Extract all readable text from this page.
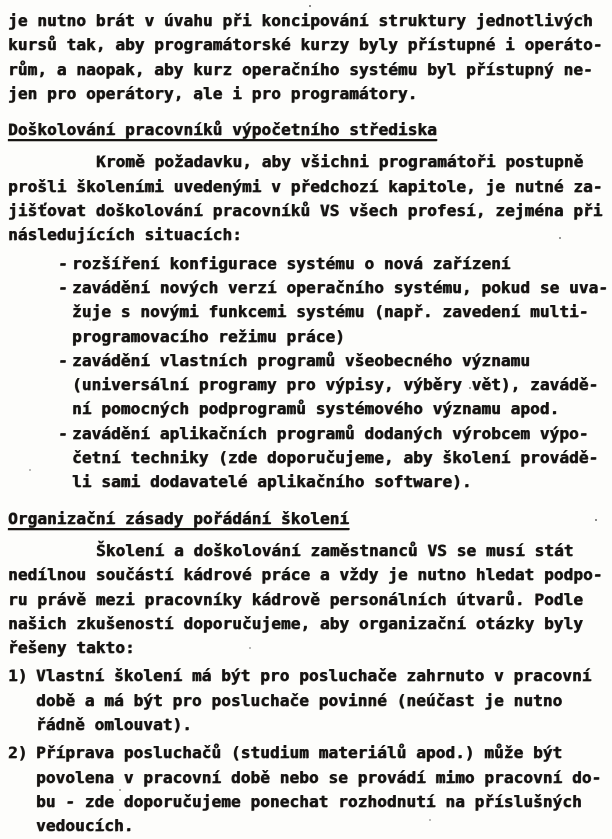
je nutno brát v úvahu při koncipování struktury jednotlivých
kursů tak, aby programátorské kurzy byly přístupné i operáto-
rům, a naopak, aby kurz operačního systému byl přístupný ne-
jen pro operátory, ale i pro programátory.
Doškolování pracovníků výpočetního střediska
Kromě požadavku, aby všichni programátoři postupně
prošli školeními uvedenými v předchozí kapitole, je nutné za-
jišťovat doškolování pracovníků VS všech profesí, zejména při
následujících situacích:
- rozšíření konfigurace systému o nová zařízení
- zavádění nových verzí operačního systému, pokud se uva-
žuje s novými funkcemi systému (např. zavedení multi-
programovacího režimu práce)
- zavádění vlastních programů všeobecného významu
(universální programy pro výpisy, výběry vět), zavádě-
ní pomocných podprogramů systémového významu apod.
- zavádění aplikačních programů dodaných výrobcem výpo-
četní techniky (zde doporučujeme, aby školení provádě-
li sami dodavatelé aplikačního software).
Organizační zásady pořádání školení
Školení a doškolování zaměstnanců VS se musí stát
nedílnou součástí kádrové práce a vždy je nutno hledat podpo-
ru právě mezi pracovníky kádrově personálních útvarů. Podle
našich zkušeností doporučujeme, aby organizační otázky byly
řešeny takto:
1) Vlastní školení má být pro posluchače zahrnuto v pracovní
době a má být pro posluchače povinné (neúčast je nutno
řádně omlouvat).
2) Příprava posluchačů (studium materiálů apod.) může být
povolena v pracovní době nebo se provádí mimo pracovní do-
bu - zde doporučujeme ponechat rozhodnutí na příslušných
vedoucích.
